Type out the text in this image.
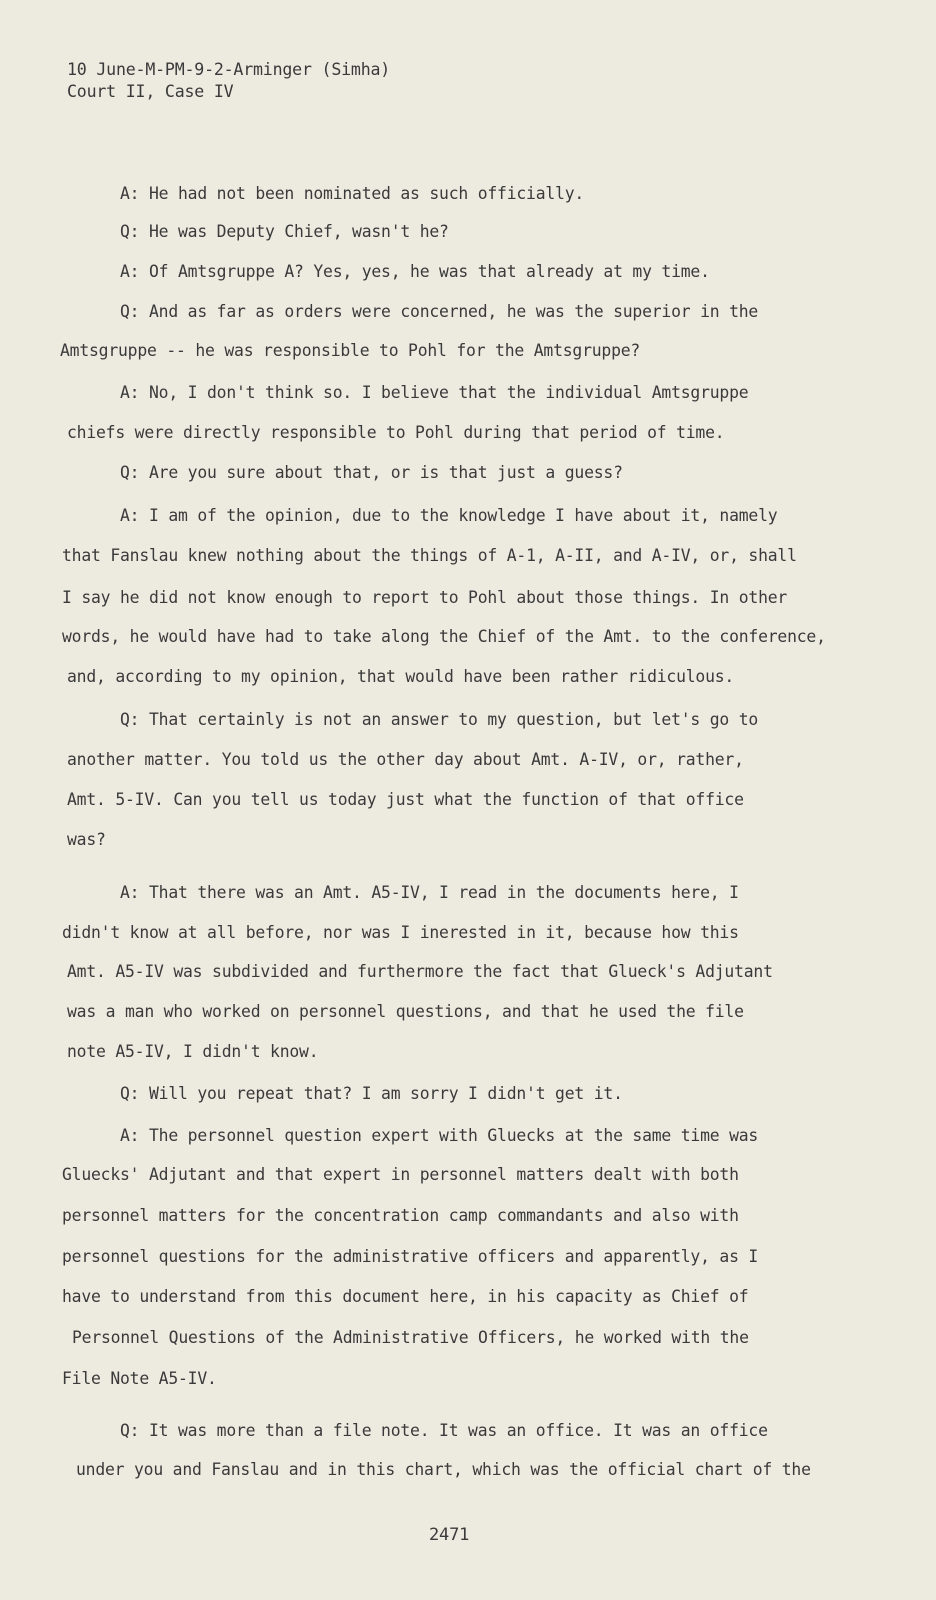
10 June-M-PM-9-2-Arminger (Simha)
Court II, Case IV
A: He had not been nominated as such officially.
Q: He was Deputy Chief, wasn't he?
A: Of Amtsgruppe A? Yes, yes, he was that already at my time.
Q: And as far as orders were concerned, he was the superior in the
Amtsgruppe -- he was responsible to Pohl for the Amtsgruppe?
A: No, I don't think so. I believe that the individual Amtsgruppe
chiefs were directly responsible to Pohl during that period of time.
Q: Are you sure about that, or is that just a guess?
A: I am of the opinion, due to the knowledge I have about it, namely
that Fanslau knew nothing about the things of A-1, A-II, and A-IV, or, shall
I say he did not know enough to report to Pohl about those things. In other
words, he would have had to take along the Chief of the Amt. to the conference,
and, according to my opinion, that would have been rather ridiculous.
Q: That certainly is not an answer to my question, but let's go to
another matter. You told us the other day about Amt. A-IV, or, rather,
Amt. 5-IV. Can you tell us today just what the function of that office
was?
A: That there was an Amt. A5-IV, I read in the documents here, I
didn't know at all before, nor was I inerested in it, because how this
Amt. A5-IV was subdivided and furthermore the fact that Glueck's Adjutant
was a man who worked on personnel questions, and that he used the file
note A5-IV, I didn't know.
Q: Will you repeat that? I am sorry I didn't get it.
A: The personnel question expert with Gluecks at the same time was
Gluecks' Adjutant and that expert in personnel matters dealt with both
personnel matters for the concentration camp commandants and also with
personnel questions for the administrative officers and apparently, as I
have to understand from this document here, in his capacity as Chief of
Personnel Questions of the Administrative Officers, he worked with the
File Note A5-IV.
Q: It was more than a file note. It was an office. It was an office
under you and Fanslau and in this chart, which was the official chart of the
2471
